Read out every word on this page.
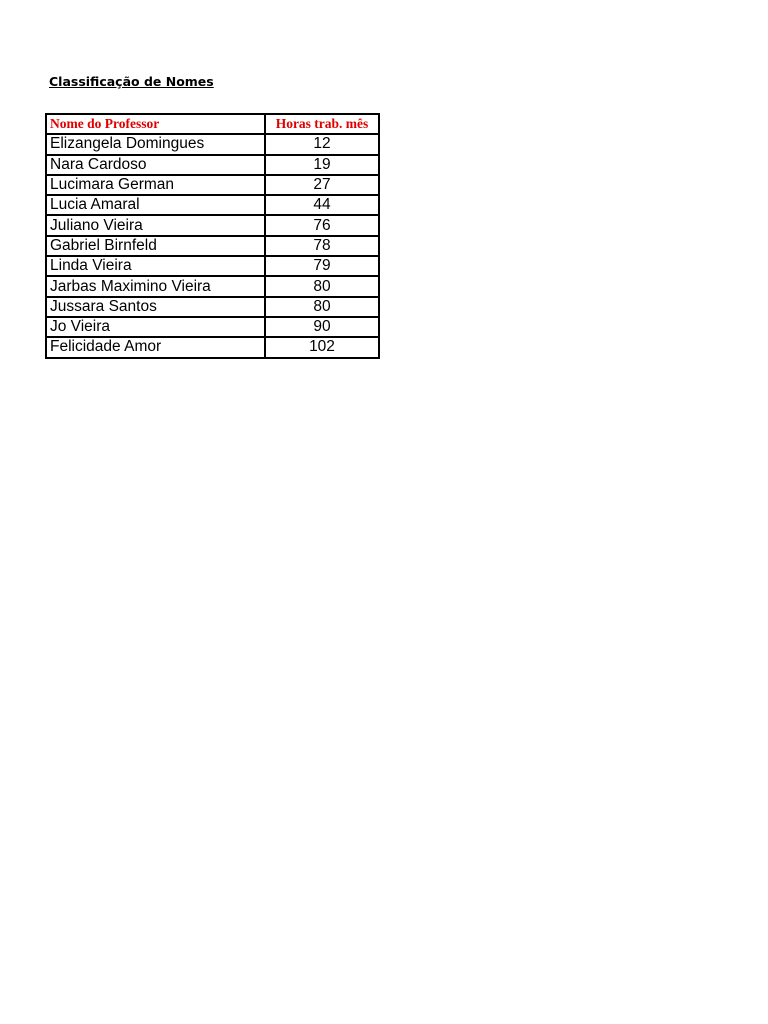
Classificação de Nomes
Nome do Professor	Horas trab. mês
Elizangela Domingues	12
Nara Cardoso	19
Lucimara German	27
Lucia Amaral	44
Juliano Vieira	76
Gabriel Birnfeld	78
Linda Vieira	79
Jarbas Maximino Vieira	80
Jussara Santos	80
Jo Vieira	90
Felicidade Amor	102
